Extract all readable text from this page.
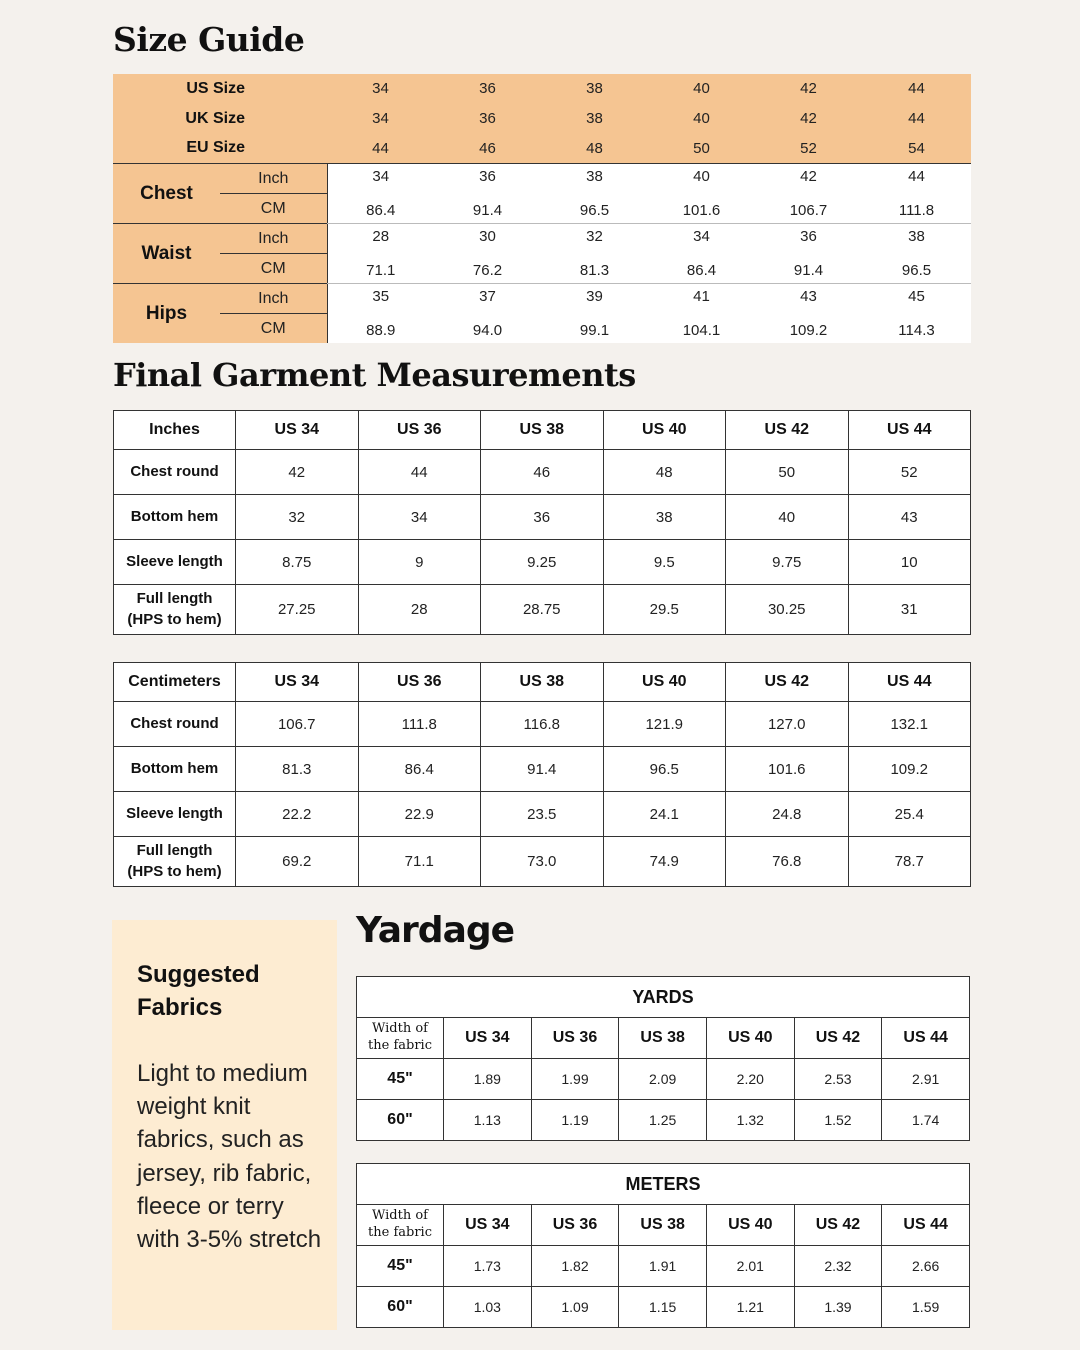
Size Guide
US Size		34	36	38	40	42	44
UK Size		34	36	38	40	42	44
EU Size		44	46	48	50	52	54
Chest	Inch	34	36	38	40	42	44
	CM	86.4	91.4	96.5	101.6	106.7	111.8
Waist	Inch	28	30	32	34	36	38
	CM	71.1	76.2	81.3	86.4	91.4	96.5
Hips	Inch	35	37	39	41	43	45
	CM	88.9	94.0	99.1	104.1	109.2	114.3
Final Garment Measurements
Inches	US 34	US 36	US 38	US 40	US 42	US 44
Chest round	42	44	46	48	50	52
Bottom hem	32	34	36	38	40	43
Sleeve length	8.75	9	9.25	9.5	9.75	10
Full length
(HPS to hem)	27.25	28	28.75	29.5	30.25	31
Centimeters	US 34	US 36	US 38	US 40	US 42	US 44
Chest round	106.7	111.8	116.8	121.9	127.0	132.1
Bottom hem	81.3	86.4	91.4	96.5	101.6	109.2
Sleeve length	22.2	22.9	23.5	24.1	24.8	25.4
Full length
(HPS to hem)	69.2	71.1	73.0	74.9	76.8	78.7

Suggested
Fabrics

Light to medium weight knit fabrics, such as jersey, rib fabric, fleece or terry with 3-5% stretch

Yardage
YARDS						
Width of
the fabric	US 34	US 36	US 38	US 40	US 42	US 44
45"	1.89	1.99	2.09	2.20	2.53	2.91
60"	1.13	1.19	1.25	1.32	1.52	1.74
METERS						
Width of
the fabric	US 34	US 36	US 38	US 40	US 42	US 44
45"	1.73	1.82	1.91	2.01	2.32	2.66
60"	1.03	1.09	1.15	1.21	1.39	1.59
